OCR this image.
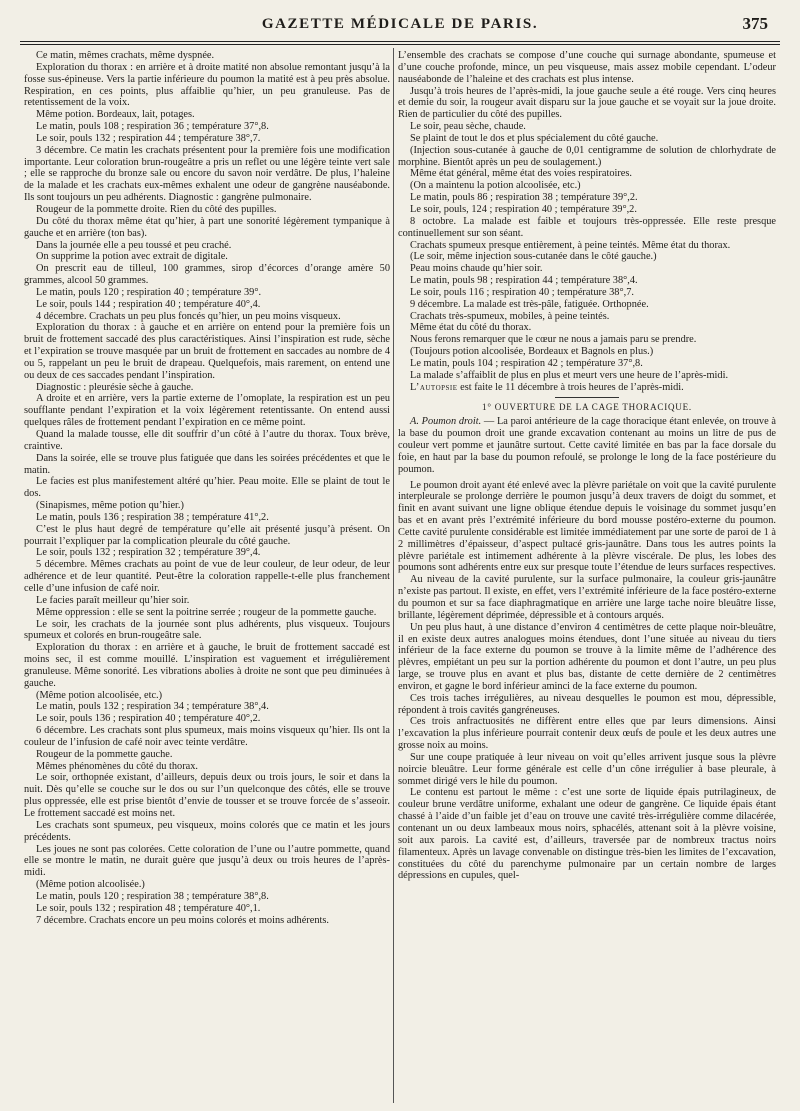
GAZETTE MÉDICALE DE PARIS.	375

Ce matin, mêmes crachats, même dyspnée.

Exploration du thorax : en arrière et à droite matité non absolue remontant jusqu’à la fosse sus-épineuse. Vers la partie inférieure du poumon la matité est à peu près absolue. Respiration, en ces points, plus affaiblie qu’hier, un peu granuleuse. Pas de retentissement de la voix.

Même potion. Bordeaux, lait, potages.

Le matin, pouls 108 ; respiration 36 ; température 37°,8.

Le soir, pouls 132 ; respiration 44 ; température 38°,7.

3 décembre. Ce matin les crachats présentent pour la première fois une modification importante. Leur coloration brun-rougeâtre a pris un reflet ou une légère teinte vert sale ; elle se rapproche du bronze sale ou encore du savon noir verdâtre. De plus, l’haleine de la malade et les crachats eux-mêmes exhalent une odeur de gangrène nauséabonde. Ils sont toujours un peu adhérents. Diagnostic : gangrène pulmonaire.

Rougeur de la pommette droite. Rien du côté des pupilles.

Du côté du thorax même état qu’hier, à part une sonorité légèrement tympanique à gauche et en arrière (ton bas).

Dans la journée elle a peu toussé et peu craché.

On supprime la potion avec extrait de digitale.

On prescrit eau de tilleul, 100 grammes, sirop d’écorces d’orange amère 50 grammes, alcool 50 grammes.

Le matin, pouls 120 ; respiration 40 ; température 39°.

Le soir, pouls 144 ; respiration 40 ; température 40°,4.

4 décembre. Crachats un peu plus foncés qu’hier, un peu moins visqueux.

Exploration du thorax : à gauche et en arrière on entend pour la première fois un bruit de frottement saccadé des plus caractéristiques. Ainsi l’inspiration est rude, sèche et l’expiration se trouve masquée par un bruit de frottement en saccades au nombre de 4 ou 5, rappelant un peu le bruit de drapeau. Quelquefois, mais rarement, on entend une ou deux de ces saccades pendant l’inspiration.

Diagnostic : pleurésie sèche à gauche.

A droite et en arrière, vers la partie externe de l’omoplate, la respiration est un peu soufflante pendant l’expiration et la voix légèrement retentissante. On entend aussi quelques râles de frottement pendant l’expiration en ce même point.

Quand la malade tousse, elle dit souffrir d’un côté à l’autre du thorax. Toux brève, craintive.

Dans la soirée, elle se trouve plus fatiguée que dans les soirées précédentes et que le matin.

Le facies est plus manifestement altéré qu’hier. Peau moite. Elle se plaint de tout le dos.

(Sinapismes, même potion qu’hier.)

Le matin, pouls 136 ; respiration 38 ; température 41°,2.

C’est le plus haut degré de température qu’elle ait présenté jusqu’à présent. On pourrait l’expliquer par la complication pleurale du côté gauche.

Le soir, pouls 132 ; respiration 32 ; température 39°,4.

5 décembre. Mêmes crachats au point de vue de leur couleur, de leur odeur, de leur adhérence et de leur quantité. Peut-être la coloration rappelle-t-elle plus franchement celle d’une infusion de café noir.

Le facies paraît meilleur qu’hier soir.

Même oppression : elle se sent la poitrine serrée ; rougeur de la pommette gauche.

Le soir, les crachats de la journée sont plus adhérents, plus visqueux. Toujours spumeux et colorés en brun-rougeâtre sale.

Exploration du thorax : en arrière et à gauche, le bruit de frottement saccadé est moins sec, il est comme mouillé. L’inspiration est vaguement et irrégulièrement granuleuse. Même sonorité. Les vibrations abolies à droite ne sont que peu diminuées à gauche.

(Même potion alcoolisée, etc.)

Le matin, pouls 132 ; respiration 34 ; température 38°,4.

Le soir, pouls 136 ; respiration 40 ; température 40°,2.

6 décembre. Les crachats sont plus spumeux, mais moins visqueux qu’hier. Ils ont la couleur de l’infusion de café noir avec teinte verdâtre.

Rougeur de la pommette gauche.

Mêmes phénomènes du côté du thorax.

Le soir, orthopnée existant, d’ailleurs, depuis deux ou trois jours, le soir et dans la nuit. Dès qu’elle se couche sur le dos ou sur l’un quelconque des côtés, elle se trouve plus oppressée, elle est prise bientôt d’envie de tousser et se trouve forcée de s’asseoir. Le frottement saccadé est moins net.

Les crachats sont spumeux, peu visqueux, moins colorés que ce matin et les jours précédents.

Les joues ne sont pas colorées. Cette coloration de l’une ou l’autre pommette, quand elle se montre le matin, ne durait guère que jusqu’à deux ou trois heures de l’après-midi.

(Même potion alcoolisée.)

Le matin, pouls 120 ; respiration 38 ; température 38°,8.

Le soir, pouls 132 ; respiration 48 ; température 40°,1.

7 décembre. Crachats encore un peu moins colorés et moins adhérents.

L’ensemble des crachats se compose d’une couche qui surnage abondante, spumeuse et d’une couche profonde, mince, un peu visqueuse, mais assez mobile cependant. L’odeur nauséabonde de l’haleine et des crachats est plus intense.

Jusqu’à trois heures de l’après-midi, la joue gauche seule a été rouge. Vers cinq heures et demie du soir, la rougeur avait disparu sur la joue gauche et se voyait sur la joue droite. Rien de particulier du côté des pupilles.

Le soir, peau sèche, chaude.

Se plaint de tout le dos et plus spécialement du côté gauche.

(Injection sous-cutanée à gauche de 0,01 centigramme de solution de chlorhydrate de morphine. Bientôt après un peu de soulagement.)

Même état général, même état des voies respiratoires.

(On a maintenu la potion alcoolisée, etc.)

Le matin, pouls 86 ; respiration 38 ; température 39°,2.

Le soir, pouls, 124 ; respiration 40 ; température 39°,2.

8 octobre. La malade est faible et toujours très-oppressée. Elle reste presque continuellement sur son séant.

Crachats spumeux presque entièrement, à peine teintés. Même état du thorax.

(Le soir, même injection sous-cutanée dans le côté gauche.)

Peau moins chaude qu’hier soir.

Le matin, pouls 98 ; respiration 44 ; température 38°,4.

Le soir, pouls 116 ; respiration 40 ; température 38°,7.

9 décembre. La malade est très-pâle, fatiguée. Orthopnée.

Crachats très-spumeux, mobiles, à peine teintés.

Même état du côté du thorax.

Nous ferons remarquer que le cœur ne nous a jamais paru se prendre.

(Toujours potion alcoolisée, Bordeaux et Bagnols en plus.)

Le matin, pouls 104 ; respiration 42 ; température 37°,8.

La malade s’affaiblit de plus en plus et meurt vers une heure de l’après-midi.

L’autopsie est faite le 11 décembre à trois heures de l’après-midi.

1° OUVERTURE DE LA CAGE THORACIQUE.

A. Poumon droit. — La paroi antérieure de la cage thoracique étant enlevée, on trouve à la base du poumon droit une grande excavation contenant au moins un litre de pus de couleur vert pomme et jaunâtre surtout. Cette cavité limitée en bas par la face dorsale du foie, en haut par la base du poumon refoulé, se prolonge le long de la face postérieure du poumon.

Le poumon droit ayant été enlevé avec la plèvre pariétale on voit que la cavité purulente interpleurale se prolonge derrière le poumon jusqu’à deux travers de doigt du sommet, et finit en avant suivant une ligne oblique étendue depuis le voisinage du sommet jusqu’en bas et en avant près l’extrémité inférieure du bord mousse postéro-externe du poumon. Cette cavité purulente considérable est limitée immédiatement par une sorte de paroi de 1 à 2 millimètres d’épaisseur, d’aspect pultacé gris-jaunâtre. Dans tous les autres points la plèvre pariétale est intimement adhérente à la plèvre viscérale. De plus, les lobes des poumons sont adhérents entre eux sur presque toute l’étendue de leurs surfaces respectives.

Au niveau de la cavité purulente, sur la surface pulmonaire, la couleur gris-jaunâtre n’existe pas partout. Il existe, en effet, vers l’extrémité inférieure de la face postéro-externe du poumon et sur sa face diaphragmatique en arrière une large tache noire bleuâtre lisse, brillante, légèrement déprimée, dépressible et à contours arqués.

Un peu plus haut, à une distance d’environ 4 centimètres de cette plaque noir-bleuâtre, il en existe deux autres analogues moins étendues, dont l’une située au niveau du tiers inférieur de la face externe du poumon se trouve à la limite même de l’adhérence des plèvres, empiétant un peu sur la portion adhérente du poumon et dont l’autre, un peu plus large, se trouve plus en avant et plus bas, distante de cette dernière de 2 centimètres environ, et gagne le bord inférieur aminci de la face externe du poumon.

Ces trois taches irrégulières, au niveau desquelles le poumon est mou, dépressible, répondent à trois cavités gangréneuses.

Ces trois anfractuosités ne diffèrent entre elles que par leurs dimensions. Ainsi l’excavation la plus inférieure pourrait contenir deux œufs de poule et les deux autres une grosse noix au moins.

Sur une coupe pratiquée à leur niveau on voit qu’elles arrivent jusque sous la plèvre noircie bleuâtre. Leur forme générale est celle d’un cône irrégulier à base pleurale, à sommet dirigé vers le hile du poumon.

Le contenu est partout le même : c’est une sorte de liquide épais putrilagineux, de couleur brune verdâtre uniforme, exhalant une odeur de gangrène. Ce liquide épais étant chassé à l’aide d’un faible jet d’eau on trouve une cavité très-irrégulière comme dilacérée, contenant un ou deux lambeaux mous noirs, sphacélés, attenant soit à la plèvre voisine, soit aux parois. La cavité est, d’ailleurs, traversée par de nombreux tractus noirs filamenteux. Après un lavage convenable on distingue très-bien les limites de l’excavation, constituées du côté du parenchyme pulmonaire par un certain nombre de larges dépressions en cupules, quel-
